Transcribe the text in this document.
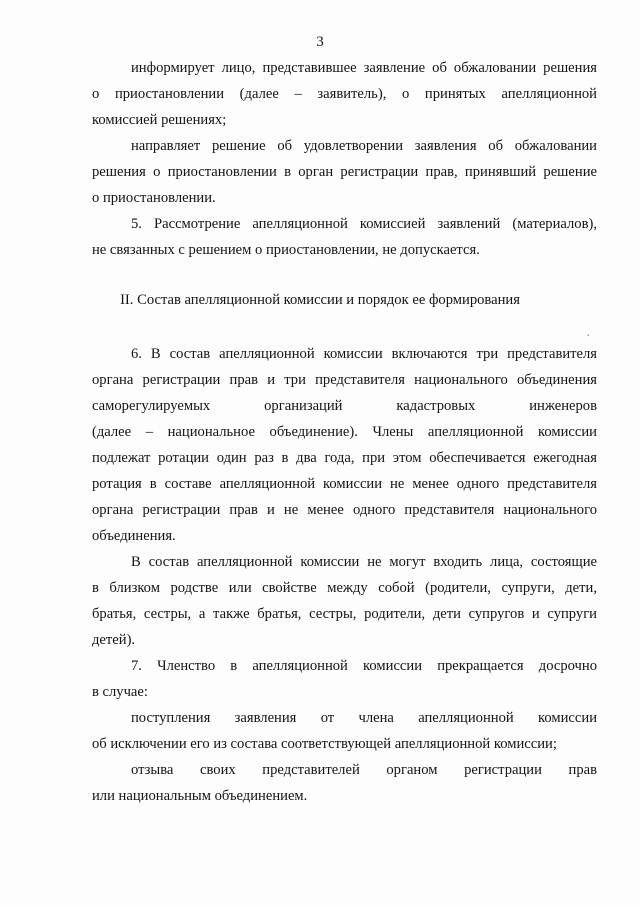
3
информирует лицо, представившее заявление об обжаловании решения
о приостановлении (далее – заявитель), о принятых апелляционной
комиссией решениях;
направляет решение об удовлетворении заявления об обжаловании
решения о приостановлении в орган регистрации прав, принявший решение
о приостановлении.
5. Рассмотрение апелляционной комиссией заявлений (материалов),
не связанных с решением о приостановлении, не допускается.
II. Состав апелляционной комиссии и порядок ее формирования
ꞏ
6. В состав апелляционной комиссии включаются три представителя
органа регистрации прав и три представителя национального объединения
саморегулируемых организаций кадастровых инженеров
(далее – национальное объединение). Члены апелляционной комиссии
подлежат ротации один раз в два года, при этом обеспечивается ежегодная
ротация в составе апелляционной комиссии не менее одного представителя
органа регистрации прав и не менее одного представителя национального
объединения.
В состав апелляционной комиссии не могут входить лица, состоящие
в близком родстве или свойстве между собой (родители, супруги, дети,
братья, сестры, а также братья, сестры, родители, дети супругов и супруги
детей).
7. Членство в апелляционной комиссии прекращается досрочно
в случае:
поступления заявления от члена апелляционной комиссии
об исключении его из состава соответствующей апелляционной комиссии;
отзыва своих представителей органом регистрации прав
или национальным объединением.
